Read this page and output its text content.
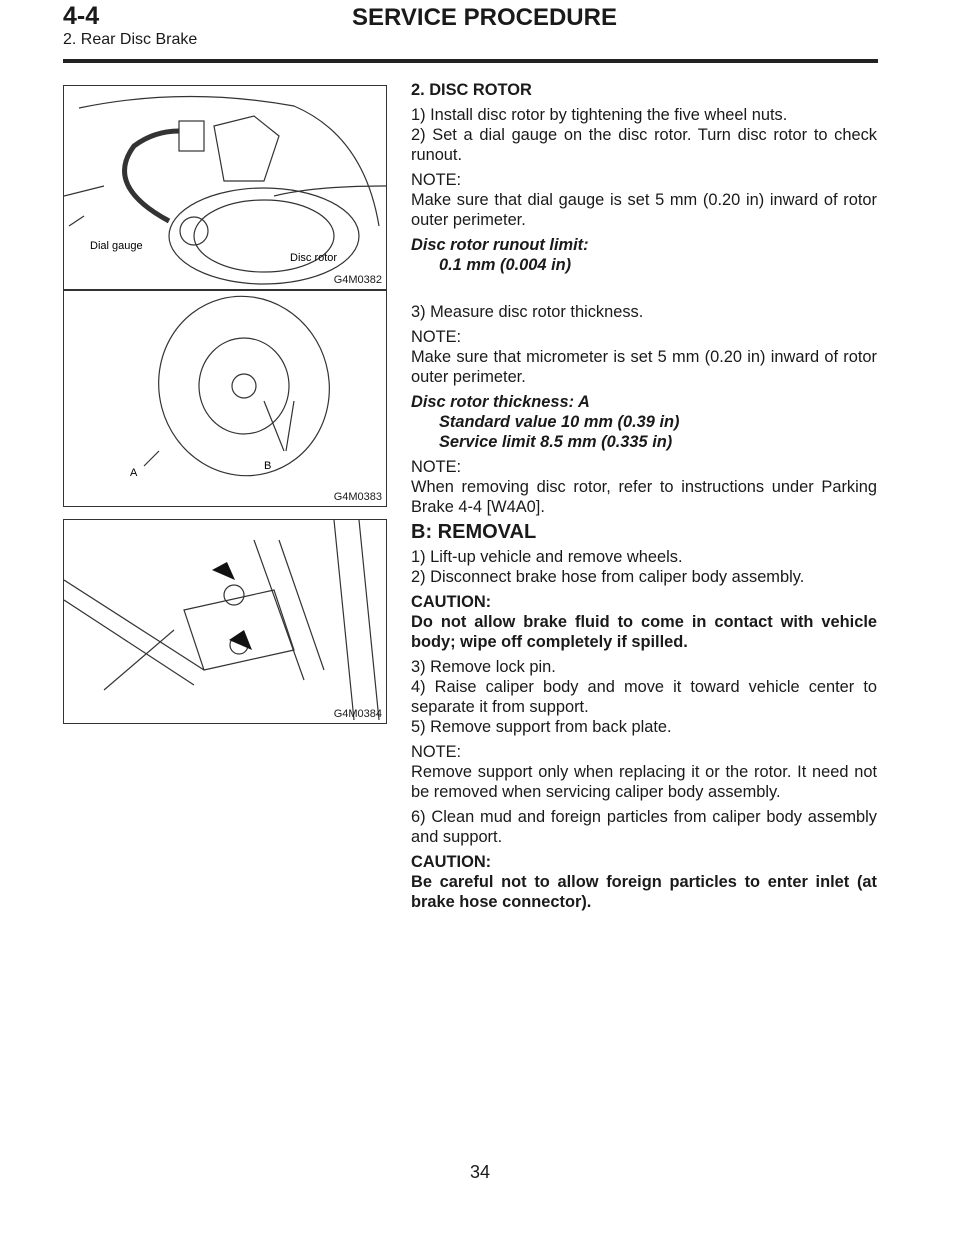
4-4	SERVICE PROCEDURE
2. Rear Disc Brake
Dial gauge
Disc rotor
G4M0382
A
B
G4M0383
G4M0384

2. DISC ROTOR

1) Install disc rotor by tightening the five wheel nuts.

2) Set a dial gauge on the disc rotor. Turn disc rotor to check runout.

NOTE:

Make sure that dial gauge is set 5 mm (0.20 in) inward of rotor outer perimeter.

Disc rotor runout limit:

0.1 mm (0.004 in)

3) Measure disc rotor thickness.

NOTE:

Make sure that micrometer is set 5 mm (0.20 in) inward of rotor outer perimeter.

Disc rotor thickness: A

Standard value 10 mm (0.39 in)

Service limit 8.5 mm (0.335 in)

NOTE:

When removing disc rotor, refer to instructions under Parking Brake 4-4 [W4A0].

B: REMOVAL

1) Lift-up vehicle and remove wheels.

2) Disconnect brake hose from caliper body assembly.

CAUTION:

Do not allow brake fluid to come in contact with vehicle body; wipe off completely if spilled.

3) Remove lock pin.

4) Raise caliper body and move it toward vehicle center to separate it from support.

5) Remove support from back plate.

NOTE:

Remove support only when replacing it or the rotor. It need not be removed when servicing caliper body assembly.

6) Clean mud and foreign particles from caliper body assembly and support.

CAUTION:

Be careful not to allow foreign particles to enter inlet (at brake hose connector).

34
